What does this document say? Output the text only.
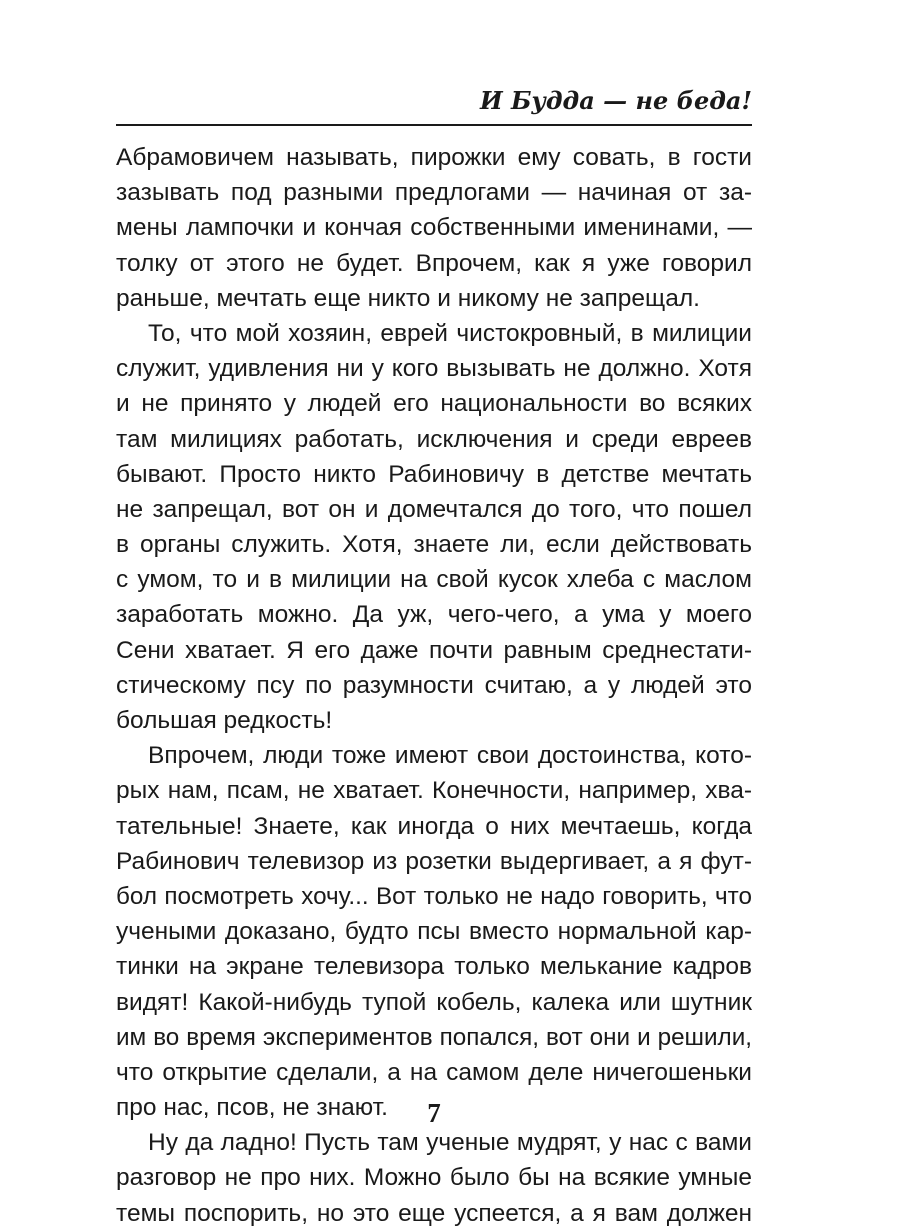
И Будда — не беда!

Абрамовичем называть, пирожки ему совать, в гости
зазывать под разными предлогами — начиная от за-
мены лампочки и кончая собственными именинами, —
толку от этого не будет. Впрочем, как я уже говорил
раньше, мечтать еще никто и никому не запрещал.

То, что мой хозяин, еврей чистокровный, в милиции
служит, удивления ни у кого вызывать не должно. Хотя
и не принято у людей его национальности во всяких
там милициях работать, исключения и среди евреев
бывают. Просто никто Рабиновичу в детстве мечтать
не запрещал, вот он и домечтался до того, что пошел
в органы служить. Хотя, знаете ли, если действовать
с умом, то и в милиции на свой кусок хлеба с маслом
заработать можно. Да уж, чего-чего, а ума у моего
Сени хватает. Я его даже почти равным среднестати-
стическому псу по разумности считаю, а у людей это
большая редкость!

Впрочем, люди тоже имеют свои достоинства, кото-
рых нам, псам, не хватает. Конечности, например, хва-
тательные! Знаете, как иногда о них мечтаешь, когда
Рабинович телевизор из розетки выдергивает, а я фут-
бол посмотреть хочу... Вот только не надо говорить, что
учеными доказано, будто псы вместо нормальной кар-
тинки на экране телевизора только мелькание кадров
видят! Какой-нибудь тупой кобель, калека или шутник
им во время экспериментов попался, вот они и решили,
что открытие сделали, а на самом деле ничегошеньки
про нас, псов, не знают.

Ну да ладно! Пусть там ученые мудрят, у нас с вами
разговор не про них. Можно было бы на всякие умные
темы поспорить, но это еще успеется, а я вам должен

7
